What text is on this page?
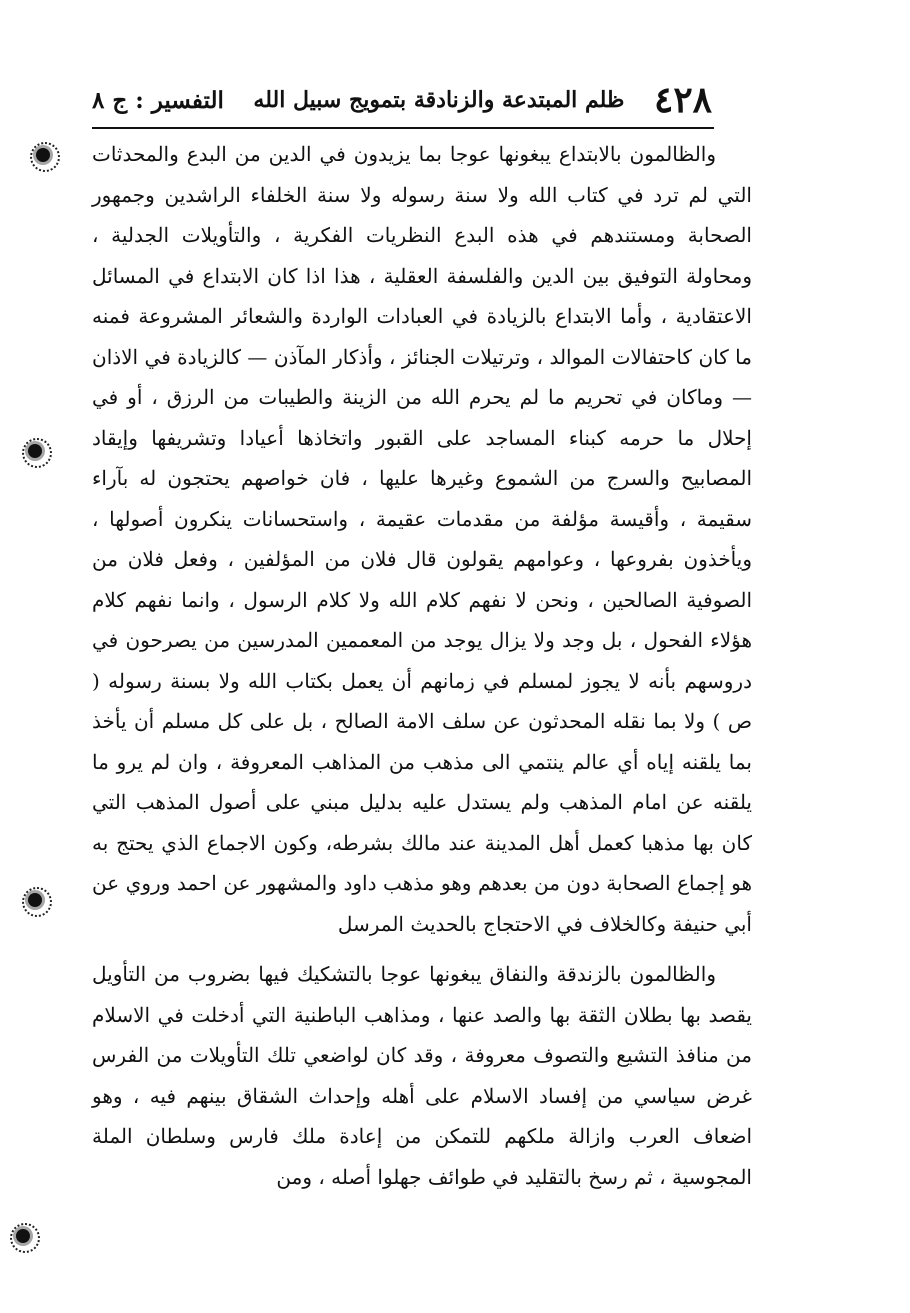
٤٢٨
ظلم المبتدعة والزنادقة بتمويج سبيل الله
التفسير : ج ٨

والظالمون بالابتداع يبغونها عوجا بما يزيدون في الدين من البدع والمحدثات التي لم ترد في كتاب الله ولا سنة رسوله ولا سنة الخلفاء الراشدين وجمهور الصحابة ومستندهم في هذه البدع النظريات الفكرية ، والتأويلات الجدلية ، ومحاولة التوفيق بين الدين والفلسفة العقلية ، هذا اذا كان الابتداع في المسائل الاعتقادية ، وأما الابتداع بالزيادة في العبادات الواردة والشعائر المشروعة فمنه ما كان كاحتفالات الموالد ، وترتيلات الجنائز ، وأذكار المآذن — كالزيادة في الاذان — وماكان في تحريم ما لم يحرم الله من الزينة والطيبات من الرزق ، أو في إحلال ما حرمه كبناء المساجد على القبور واتخاذها أعيادا وتشريفها وإيقاد المصابيح والسرج من الشموع وغيرها عليها ، فان خواصهم يحتجون له بآراء سقيمة ، وأقيسة مؤلفة من مقدمات عقيمة ، واستحسانات ينكرون أصولها ، ويأخذون بفروعها ، وعوامهم يقولون قال فلان من المؤلفين ، وفعل فلان من الصوفية الصالحين ، ونحن لا نفهم كلام الله ولا كلام الرسول ، وانما نفهم كلام هؤلاء الفحول ، بل وجد ولا يزال يوجد من المعممين المدرسين من يصرحون في دروسهم بأنه لا يجوز لمسلم في زمانهم أن يعمل بكتاب الله ولا بسنة رسوله ( ص ) ولا بما نقله المحدثون عن سلف الامة الصالح ، بل على كل مسلم أن يأخذ بما يلقنه إياه أي عالم ينتمي الى مذهب من المذاهب المعروفة ، وان لم يرو ما يلقنه عن امام المذهب ولم يستدل عليه بدليل مبني على أصول المذهب التي كان بها مذهبا كعمل أهل المدينة عند مالك بشرطه، وكون الاجماع الذي يحتج به هو إجماع الصحابة دون من بعدهم وهو مذهب داود والمشهور عن احمد وروي عن أبي حنيفة وكالخلاف في الاحتجاج بالحديث المرسل

والظالمون بالزندقة والنفاق يبغونها عوجا بالتشكيك فيها بضروب من التأويل يقصد بها بطلان الثقة بها والصد عنها ، ومذاهب الباطنية التي أدخلت في الاسلام من منافذ التشيع والتصوف معروفة ، وقد كان لواضعي تلك التأويلات من الفرس غرض سياسي من إفساد الاسلام على أهله وإحداث الشقاق بينهم فيه ، وهو اضعاف العرب وازالة ملكهم للتمكن من إعادة ملك فارس وسلطان الملة المجوسية ، ثم رسخ بالتقليد في طوائف جهلوا أصله ، ومن
